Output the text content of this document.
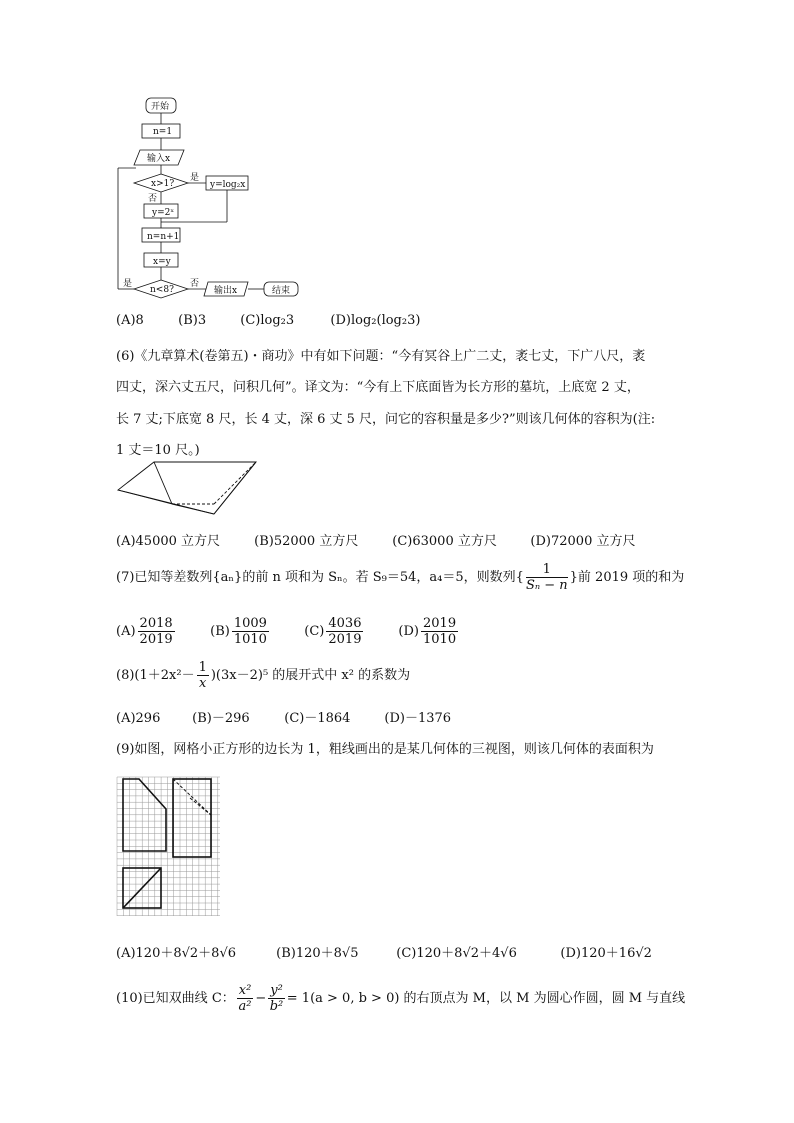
开始
n=1
输入x
x>1?
是
y=log₂x
否
y=2ˣ
n=n+1
x=y
n<8?
是	否
输出x	结束
(A)8	(B)3	(C)log₂3	(D)log₂(log₂3)
(6)《九章算术(卷第五)・商功》中有如下问题：“今有冥谷上广二丈，袤七丈，下广八尺，袤
四丈，深六丈五尺，问积几何”。译文为：“今有上下底面皆为长方形的墓坑，上底宽 2 丈，
长 7 丈;下底宽 8 尺，长 4 丈，深 6 丈 5 尺，问它的容积量是多少?”则该几何体的容积为(注:
1 丈＝10 尺。)
(A)45000 立方尺	(B)52000 立方尺	(C)63000 立方尺	(D)72000 立方尺
(7)已知等差数列{aₙ}的前 n 项和为 Sₙ。若 S₉＝54，a₄＝5，则数列{ $\frac{1}{\text{Sₙ − n}}$ }前 2019 项的和为
$(A) \frac{2018}{2019}$	$(B) \frac{1009}{1010}$	$(C) \frac{4036}{2019}$	$(D) \frac{2019}{1010}$
$(8)(1+2x^2- \frac{1}{x} )(3x-2)^5$ 的展开式中 x² 的系数为
(A)296 (B)－296	(C)－1864	(D)－1376
(9)如图，网格小正方形的边长为 1，粗线画出的是某几何体的三视图，则该几何体的表面积为
(A)120＋8√2＋8√6	(B)120＋8√5	(C)120＋8√2＋4√6	(D)120＋16√2
(10)已知双曲线 C： $\frac{\text{x²}}{\text{a²}} - \frac{\text{y²}}{\text{b²}} = 1(a > 0$, b > 0) 的右顶点为 M，以 M 为圆心作圆，圆 M 与直线
